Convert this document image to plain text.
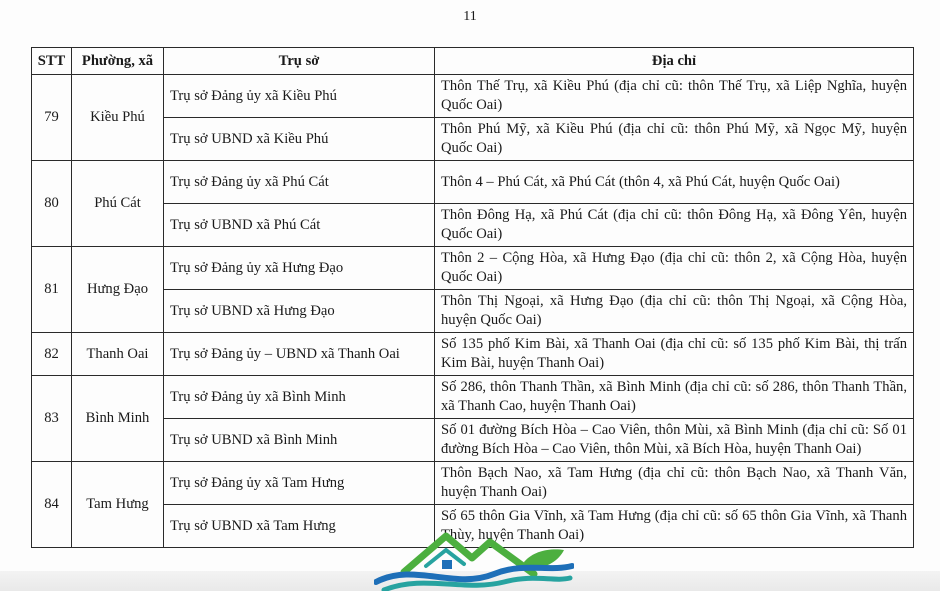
11
STT	Phường, xã	Trụ sở	Địa chỉ
79	Kiều Phú	Trụ sở Đảng ủy xã Kiều Phú	Thôn Thế Trụ, xã Kiều Phú (địa chỉ cũ: thôn Thế Trụ, xã Liệp Nghĩa, huyện Quốc Oai)
		Trụ sở UBND xã Kiều Phú	Thôn Phú Mỹ, xã Kiều Phú (địa chỉ cũ: thôn Phú Mỹ, xã Ngọc Mỹ, huyện Quốc Oai)
80	Phú Cát	Trụ sở Đảng ủy xã Phú Cát	Thôn 4 – Phú Cát, xã Phú Cát (thôn 4, xã Phú Cát, huyện Quốc Oai)
		Trụ sở UBND xã Phú Cát	Thôn Đông Hạ, xã Phú Cát (địa chỉ cũ: thôn Đông Hạ, xã Đông Yên, huyện Quốc Oai)
81	Hưng Đạo	Trụ sở Đảng ủy xã Hưng Đạo	Thôn 2 – Cộng Hòa, xã Hưng Đạo (địa chỉ cũ: thôn 2, xã Cộng Hòa, huyện Quốc Oai)
		Trụ sở UBND xã Hưng Đạo	Thôn Thị Ngoại, xã Hưng Đạo (địa chỉ cũ: thôn Thị Ngoại, xã Cộng Hòa, huyện Quốc Oai)
82	Thanh Oai	Trụ sở Đảng ủy – UBND xã Thanh Oai	Số 135 phố Kim Bài, xã Thanh Oai (địa chỉ cũ: số 135 phố Kim Bài, thị trấn Kim Bài, huyện Thanh Oai)
83	Bình Minh	Trụ sở Đảng ủy xã Bình Minh	Số 286, thôn Thanh Thần, xã Bình Minh (địa chỉ cũ: số 286, thôn Thanh Thần, xã Thanh Cao, huyện Thanh Oai)
		Trụ sở UBND xã Bình Minh	Số 01 đường Bích Hòa – Cao Viên, thôn Mùi, xã Bình Minh (địa chỉ cũ: Số 01 đường Bích Hòa – Cao Viên, thôn Mùi, xã Bích Hòa, huyện Thanh Oai)
84	Tam Hưng	Trụ sở Đảng ủy xã Tam Hưng	Thôn Bạch Nao, xã Tam Hưng (địa chỉ cũ: thôn Bạch Nao, xã Thanh Văn, huyện Thanh Oai)
		Trụ sở UBND xã Tam Hưng	Số 65 thôn Gia Vĩnh, xã Tam Hưng (địa chỉ cũ: số 65 thôn Gia Vĩnh, xã Thanh Thùy, huyện Thanh Oai)
